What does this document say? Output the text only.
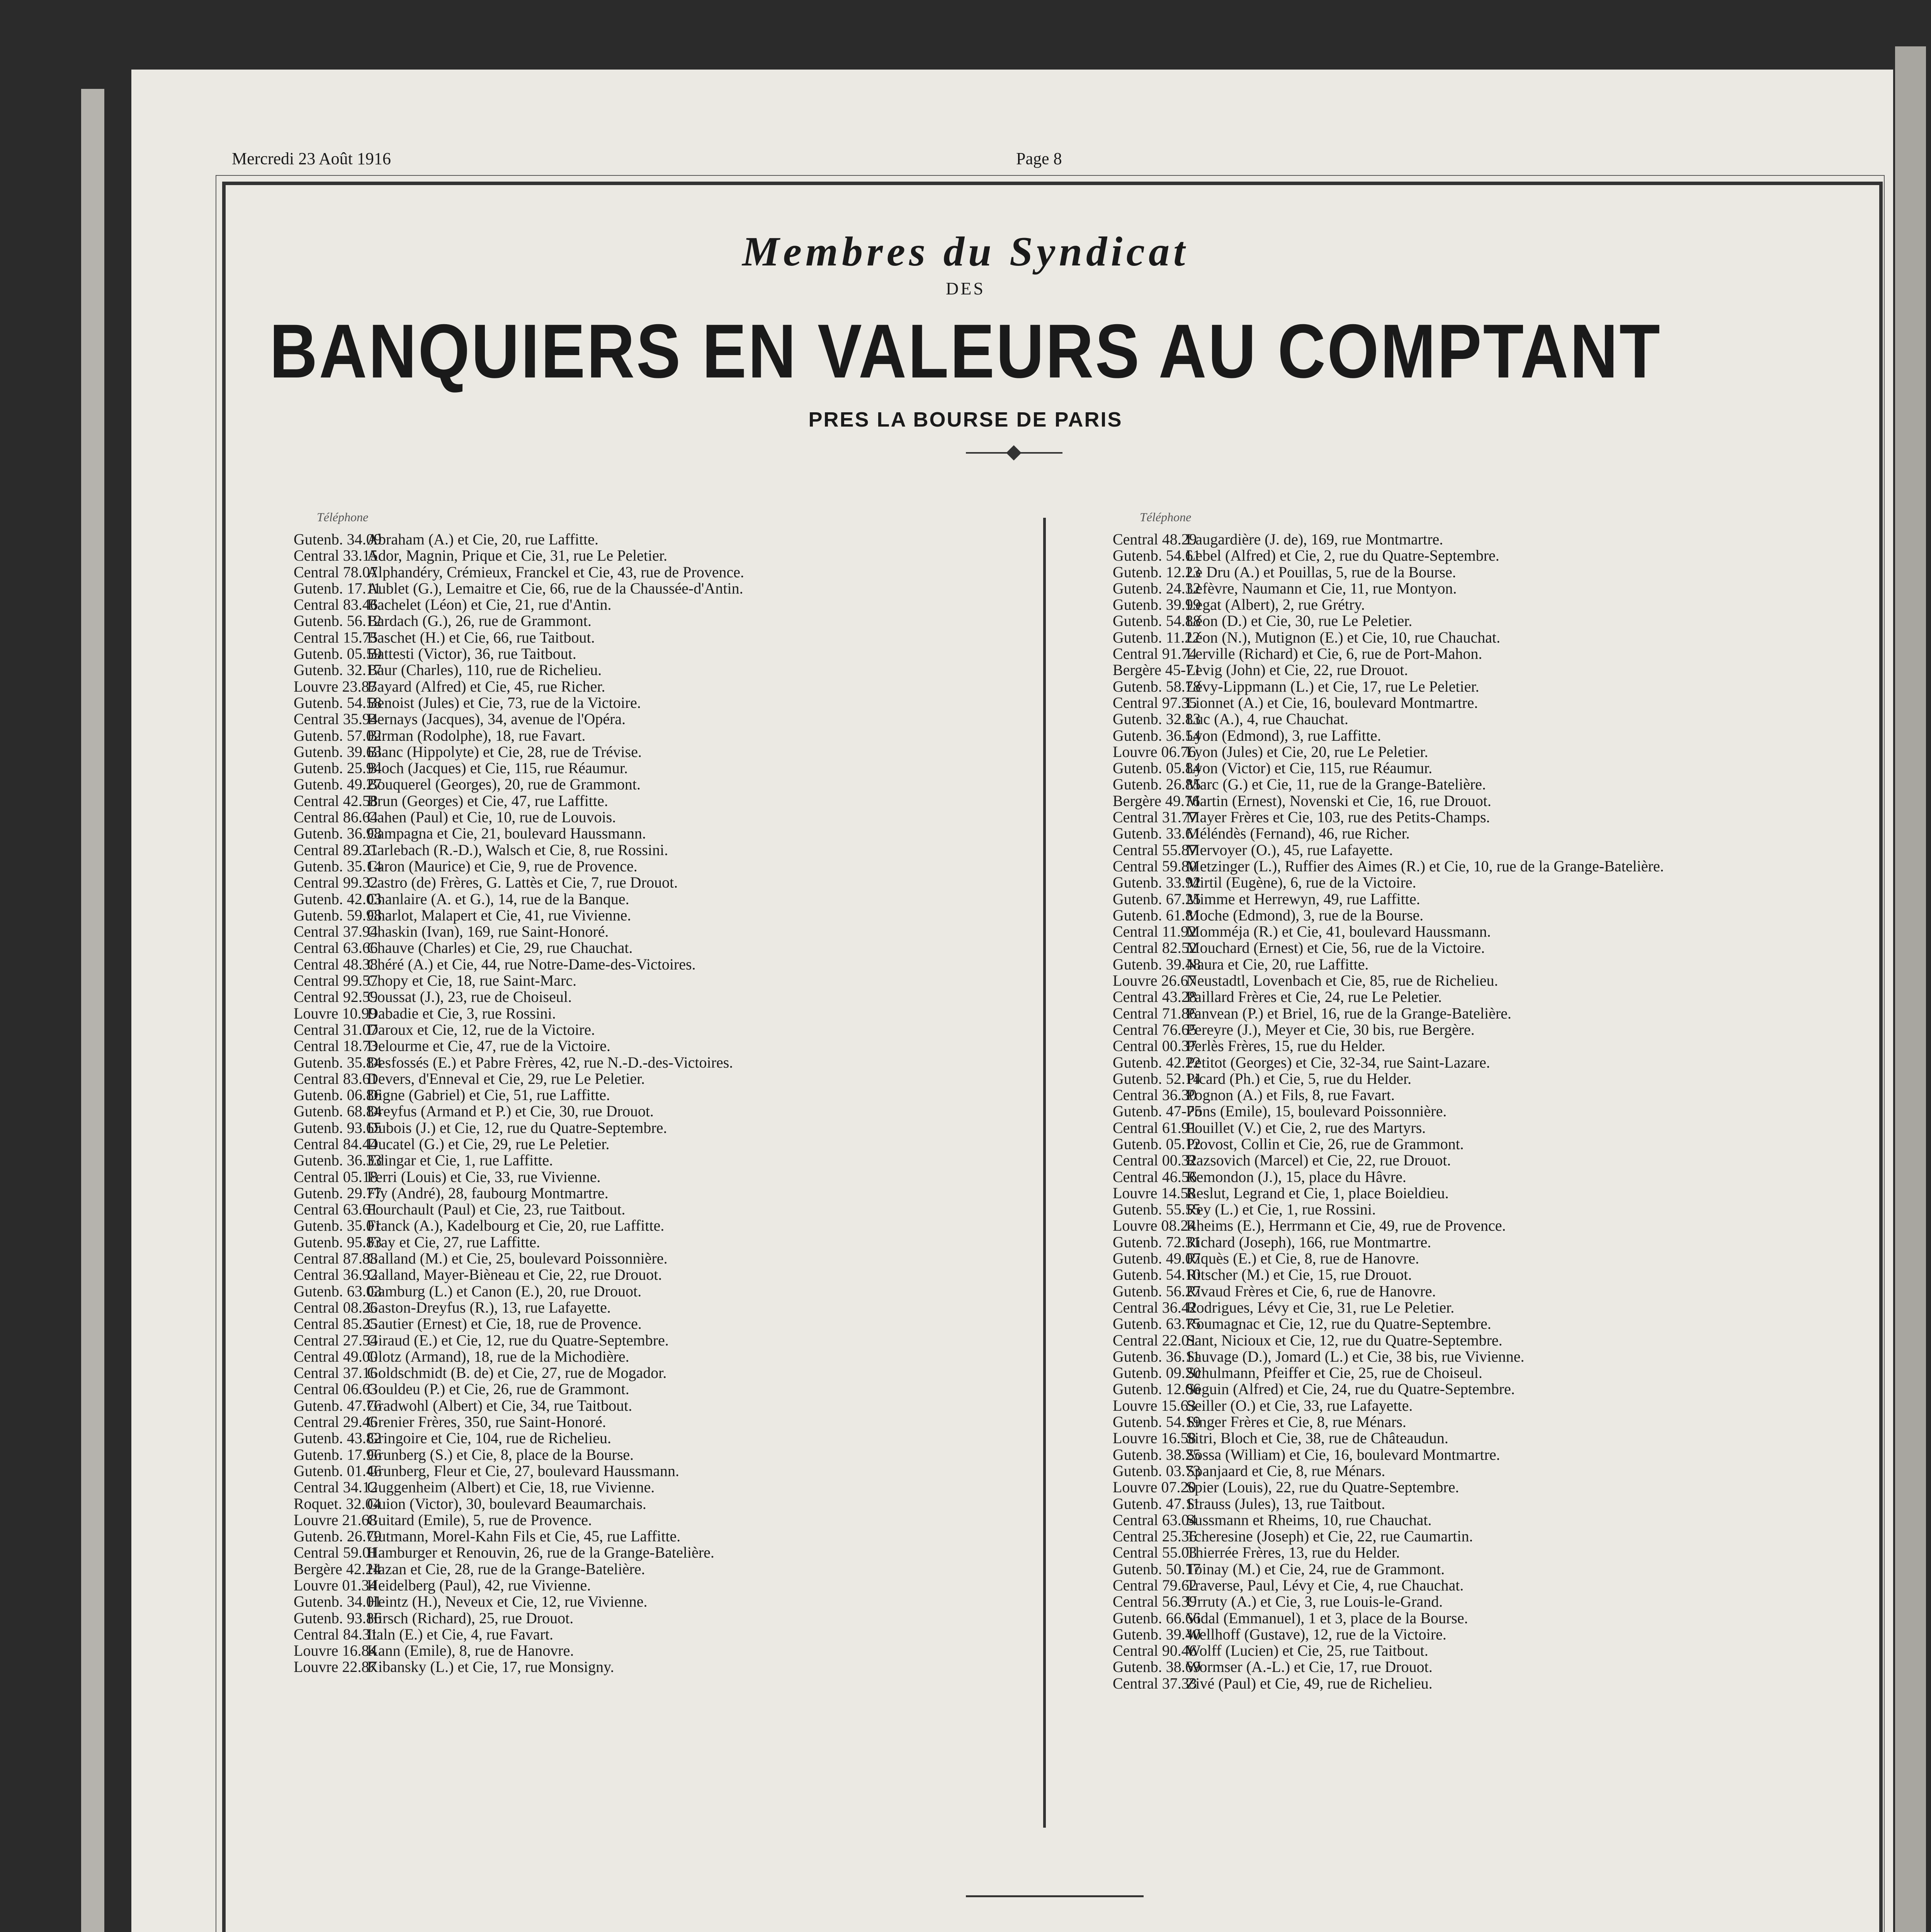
Mercredi 23 Août 1916	Page 8
Membres du Syndicat
DES
BANQUIERS EN VALEURS AU COMPTANT
PRES LA BOURSE DE PARIS
Téléphone	Téléphone
Gutenb. 34.09Abraham (A.) et Cie, 20, rue Laffitte.
Central 33.15Ador, Magnin, Prique et Cie, 31, rue Le Peletier.
Central 78.07Alphandéry, Crémieux, Franckel et Cie, 43, rue de Provence.
Gutenb. 17.11Aublet (G.), Lemaitre et Cie, 66, rue de la Chaussée-d'Antin.
Central 83.46Bachelet (Léon) et Cie, 21, rue d'Antin.
Gutenb. 56.12Bardach (G.), 26, rue de Grammont.
Central 15.75Baschet (H.) et Cie, 66, rue Taitbout.
Gutenb. 05.59Battesti (Victor), 36, rue Taitbout.
Gutenb. 32.17Baur (Charles), 110, rue de Richelieu.
Louvre 23.87Bayard (Alfred) et Cie, 45, rue Richer.
Gutenb. 54.58Benoist (Jules) et Cie, 73, rue de la Victoire.
Central 35.94Bernays (Jacques), 34, avenue de l'Opéra.
Gutenb. 57.02Birman (Rodolphe), 18, rue Favart.
Gutenb. 39.63Blanc (Hippolyte) et Cie, 28, rue de Trévise.
Gutenb. 25.94Bloch (Jacques) et Cie, 115, rue Réaumur.
Gutenb. 49.27Bouquerel (Georges), 20, rue de Grammont.
Central 42.58Brun (Georges) et Cie, 47, rue Laffitte.
Central 86.64Cahen (Paul) et Cie, 10, rue de Louvois.
Gutenb. 36.98Campagna et Cie, 21, boulevard Haussmann.
Central 89.21Carlebach (R.-D.), Walsch et Cie, 8, rue Rossini.
Gutenb. 35.14Caron (Maurice) et Cie, 9, rue de Provence.
Central 99.32Castro (de) Frères, G. Lattès et Cie, 7, rue Drouot.
Gutenb. 42.03Chanlaire (A. et G.), 14, rue de la Banque.
Gutenb. 59.98Charlot, Malapert et Cie, 41, rue Vivienne.
Central 37.94Chaskin (Ivan), 169, rue Saint-Honoré.
Central 63.66Chauve (Charles) et Cie, 29, rue Chauchat.
Central 48.38Chéré (A.) et Cie, 44, rue Notre-Dame-des-Victoires.
Central 99.57Chopy et Cie, 18, rue Saint-Marc.
Central 92.59Coussat (J.), 23, rue de Choiseul.
Louvre 10.99Dabadie et Cie, 3, rue Rossini.
Central 31.07Daroux et Cie, 12, rue de la Victoire.
Central 18.73Delourme et Cie, 47, rue de la Victoire.
Gutenb. 35.84Desfossés (E.) et Pabre Frères, 42, rue N.-D.-des-Victoires.
Central 83.61Devers, d'Enneval et Cie, 29, rue Le Peletier.
Gutenb. 06.86Digne (Gabriel) et Cie, 51, rue Laffitte.
Gutenb. 68.84Dreyfus (Armand et P.) et Cie, 30, rue Drouot.
Gutenb. 93.65Dubois (J.) et Cie, 12, rue du Quatre-Septembre.
Central 84.44Ducatel (G.) et Cie, 29, rue Le Peletier.
Gutenb. 36.33Edingar et Cie, 1, rue Laffitte.
Central 05.18Ferri (Louis) et Cie, 33, rue Vivienne.
Gutenb. 29.77Fly (André), 28, faubourg Montmartre.
Central 63.61Fourchault (Paul) et Cie, 23, rue Taitbout.
Gutenb. 35.01Franck (A.), Kadelbourg et Cie, 20, rue Laffitte.
Gutenb. 95.83Fray et Cie, 27, rue Laffitte.
Central 87.88Galland (M.) et Cie, 25, boulevard Poissonnière.
Central 36.92Galland, Mayer-Bièneau et Cie, 22, rue Drouot.
Gutenb. 63.03Gamburg (L.) et Canon (E.), 20, rue Drouot.
Central 08.26Gaston-Dreyfus (R.), 13, rue Lafayette.
Central 85.25Gautier (Ernest) et Cie, 18, rue de Provence.
Central 27.54Giraud (E.) et Cie, 12, rue du Quatre-Septembre.
Central 49.00Glotz (Armand), 18, rue de la Michodière.
Central 37.16Goldschmidt (B. de) et Cie, 27, rue de Mogador.
Central 06.63Gouldeu (P.) et Cie, 26, rue de Grammont.
Gutenb. 47.76Gradwohl (Albert) et Cie, 34, rue Taitbout.
Central 29.46Grenier Frères, 350, rue Saint-Honoré.
Gutenb. 43.82Gringoire et Cie, 104, rue de Richelieu.
Gutenb. 17.96Grunberg (S.) et Cie, 8, place de la Bourse.
Gutenb. 01.46Grunberg, Fleur et Cie, 27, boulevard Haussmann.
Central 34.12Guggenheim (Albert) et Cie, 18, rue Vivienne.
Roquet. 32.04Guion (Victor), 30, boulevard Beaumarchais.
Louvre 21.68Guitard (Emile), 5, rue de Provence.
Gutenb. 26.79Gutmann, Morel-Kahn Fils et Cie, 45, rue Laffitte.
Central 59.01Hamburger et Renouvin, 26, rue de la Grange-Batelière.
Bergère 42.24Hazan et Cie, 28, rue de la Grange-Batelière.
Louvre 01.34Heidelberg (Paul), 42, rue Vivienne.
Gutenb. 34.01Heintz (H.), Neveux et Cie, 12, rue Vivienne.
Gutenb. 93.86Hirsch (Richard), 25, rue Drouot.
Central 84.31Italn (E.) et Cie, 4, rue Favart.
Louvre 16.84Kann (Emile), 8, rue de Hanovre.
Louvre 22.87Kibansky (L.) et Cie, 17, rue Monsigny.
Central 48.29Laugardière (J. de), 169, rue Montmartre.
Gutenb. 54.61Lebel (Alfred) et Cie, 2, rue du Quatre-Septembre.
Gutenb. 12.23Le Dru (A.) et Pouillas, 5, rue de la Bourse.
Gutenb. 24.32Lefèvre, Naumann et Cie, 11, rue Montyon.
Gutenb. 39.99Legat (Albert), 2, rue Grétry.
Gutenb. 54.88Léon (D.) et Cie, 30, rue Le Peletier.
Gutenb. 11.22Léon (N.), Mutignon (E.) et Cie, 10, rue Chauchat.
Central 91.74Lerville (Richard) et Cie, 6, rue de Port-Mahon.
Bergère 45-71Levig (John) et Cie, 22, rue Drouot.
Gutenb. 58.78Lévy-Lippmann (L.) et Cie, 17, rue Le Peletier.
Central 97.35Lionnet (A.) et Cie, 16, boulevard Montmartre.
Gutenb. 32.83Luc (A.), 4, rue Chauchat.
Gutenb. 36.54Lyon (Edmond), 3, rue Laffitte.
Louvre 06.76Lyon (Jules) et Cie, 20, rue Le Peletier.
Gutenb. 05.84Lyon (Victor) et Cie, 115, rue Réaumur.
Gutenb. 26.85Marc (G.) et Cie, 11, rue de la Grange-Batelière.
Bergère 49.76Martin (Ernest), Novenski et Cie, 16, rue Drouot.
Central 31.77Mayer Frères et Cie, 103, rue des Petits-Champs.
Gutenb. 33.61Méléndès (Fernand), 46, rue Richer.
Central 55.87Mervoyer (O.), 45, rue Lafayette.
Central 59.80Metzinger (L.), Ruffier des Aimes (R.) et Cie, 10, rue de la Grange-Batelière.
Gutenb. 33.92Mirtil (Eugène), 6, rue de la Victoire.
Gutenb. 67.25Mimme et Herrewyn, 49, rue Laffitte.
Gutenb. 61.81Moche (Edmond), 3, rue de la Bourse.
Central 11.92Momméja (R.) et Cie, 41, boulevard Haussmann.
Central 82.52Mouchard (Ernest) et Cie, 56, rue de la Victoire.
Gutenb. 39.48Naura et Cie, 20, rue Laffitte.
Louvre 26.67Neustadtl, Lovenbach et Cie, 85, rue de Richelieu.
Central 43.28Paillard Frères et Cie, 24, rue Le Peletier.
Central 71.86Panvean (P.) et Briel, 16, rue de la Grange-Batelière.
Central 76.65Pereyre (J.), Meyer et Cie, 30 bis, rue Bergère.
Central 00.37Perlès Frères, 15, rue du Helder.
Gutenb. 42.22Petitot (Georges) et Cie, 32-34, rue Saint-Lazare.
Gutenb. 52.14Picard (Ph.) et Cie, 5, rue du Helder.
Central 36.30Pognon (A.) et Fils, 8, rue Favart.
Gutenb. 47-75Pons (Emile), 15, boulevard Poissonnière.
Central 61.91Pouillet (V.) et Cie, 2, rue des Martyrs.
Gutenb. 05.12Provost, Collin et Cie, 26, rue de Grammont.
Central 00.32Razsovich (Marcel) et Cie, 22, rue Drouot.
Central 46.56Remondon (J.), 15, place du Hâvre.
Louvre 14.58Reslut, Legrand et Cie, 1, place Boieldieu.
Gutenb. 55.55Rey (L.) et Cie, 1, rue Rossini.
Louvre 08.24Rheims (E.), Herrmann et Cie, 49, rue de Provence.
Gutenb. 72.31Richard (Joseph), 166, rue Montmartre.
Gutenb. 49.07Riquès (E.) et Cie, 8, rue de Hanovre.
Gutenb. 54.10Ritscher (M.) et Cie, 15, rue Drouot.
Gutenb. 56.27Rivaud Frères et Cie, 6, rue de Hanovre.
Central 36.42Rodrigues, Lévy et Cie, 31, rue Le Peletier.
Gutenb. 63.75Roumagnac et Cie, 12, rue du Quatre-Septembre.
Central 22.01Sant, Nicioux et Cie, 12, rue du Quatre-Septembre.
Gutenb. 36.11Sauvage (D.), Jomard (L.) et Cie, 38 bis, rue Vivienne.
Gutenb. 09.20Schulmann, Pfeiffer et Cie, 25, rue de Choiseul.
Gutenb. 12.06Seguin (Alfred) et Cie, 24, rue du Quatre-Septembre.
Louvre 15.63Seiller (O.) et Cie, 33, rue Lafayette.
Gutenb. 54.19Singer Frères et Cie, 8, rue Ménars.
Louvre 16.58Sitri, Bloch et Cie, 38, rue de Châteaudun.
Gutenb. 38.25Sossa (William) et Cie, 16, boulevard Montmartre.
Gutenb. 03.73Spanjaard et Cie, 8, rue Ménars.
Louvre 07.20Spier (Louis), 22, rue du Quatre-Septembre.
Gutenb. 47.11Strauss (Jules), 13, rue Taitbout.
Central 63.04Sussmann et Rheims, 10, rue Chauchat.
Central 25.36Tcheresine (Joseph) et Cie, 22, rue Caumartin.
Central 55.03Thierrée Frères, 13, rue du Helder.
Gutenb. 50.17Toinay (M.) et Cie, 24, rue de Grammont.
Central 79.62Traverse, Paul, Lévy et Cie, 4, rue Chauchat.
Central 56.39Urruty (A.) et Cie, 3, rue Louis-le-Grand.
Gutenb. 66.66Vidal (Emmanuel), 1 et 3, place de la Bourse.
Gutenb. 39.40Wellhoff (Gustave), 12, rue de la Victoire.
Central 90.46Wolff (Lucien) et Cie, 25, rue Taitbout.
Gutenb. 38.69Wormser (A.-L.) et Cie, 17, rue Drouot.
Central 37.33Zivé (Paul) et Cie, 49, rue de Richelieu.
